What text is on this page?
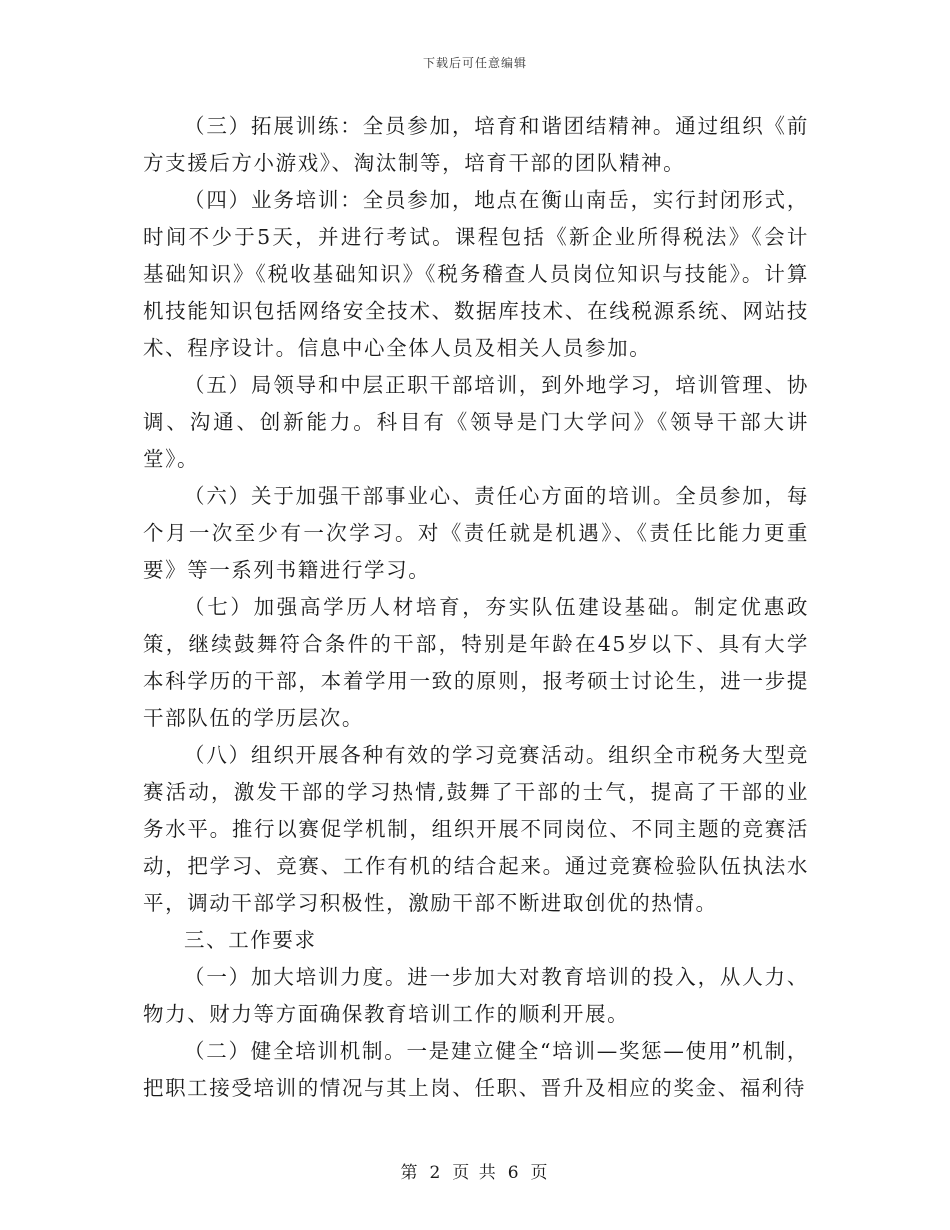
下载后可任意编辑

（三）拓展训练：全员参加，培育和谐团结精神。通过组织《前方支援后方小游戏》、淘汰制等，培育干部的团队精神。

（四）业务培训：全员参加，地点在衡山南岳，实行封闭形式，时间不少于5天，并进行考试。课程包括《新企业所得税法》《会计基础知识》《税收基础知识》《税务稽查人员岗位知识与技能》。计算机技能知识包括网络安全技术、数据库技术、在线税源系统、网站技术、程序设计。信息中心全体人员及相关人员参加。

（五）局领导和中层正职干部培训，到外地学习，培训管理、协调、沟通、创新能力。科目有《领导是门大学问》《领导干部大讲堂》。

（六）关于加强干部事业心、责任心方面的培训。全员参加，每个月一次至少有一次学习。对《责任就是机遇》、《责任比能力更重要》等一系列书籍进行学习。

（七）加强高学历人材培育，夯实队伍建设基础。制定优惠政策，继续鼓舞符合条件的干部，特别是年龄在45岁以下、具有大学本科学历的干部，本着学用一致的原则，报考硕士讨论生，进一步提干部队伍的学历层次。

（八）组织开展各种有效的学习竞赛活动。组织全市税务大型竞赛活动，激发干部的学习热情,鼓舞了干部的士气，提高了干部的业务水平。推行以赛促学机制，组织开展不同岗位、不同主题的竞赛活动，把学习、竞赛、工作有机的结合起来。通过竞赛检验队伍执法水平，调动干部学习积极性，激励干部不断进取创优的热情。

三、工作要求

（一）加大培训力度。进一步加大对教育培训的投入，从人力、物力、财力等方面确保教育培训工作的顺利开展。

（二）健全培训机制。一是建立健全“培训—奖惩—使用”机制，把职工接受培训的情况与其上岗、任职、晋升及相应的奖金、福利待

第 2 页 共 6 页
